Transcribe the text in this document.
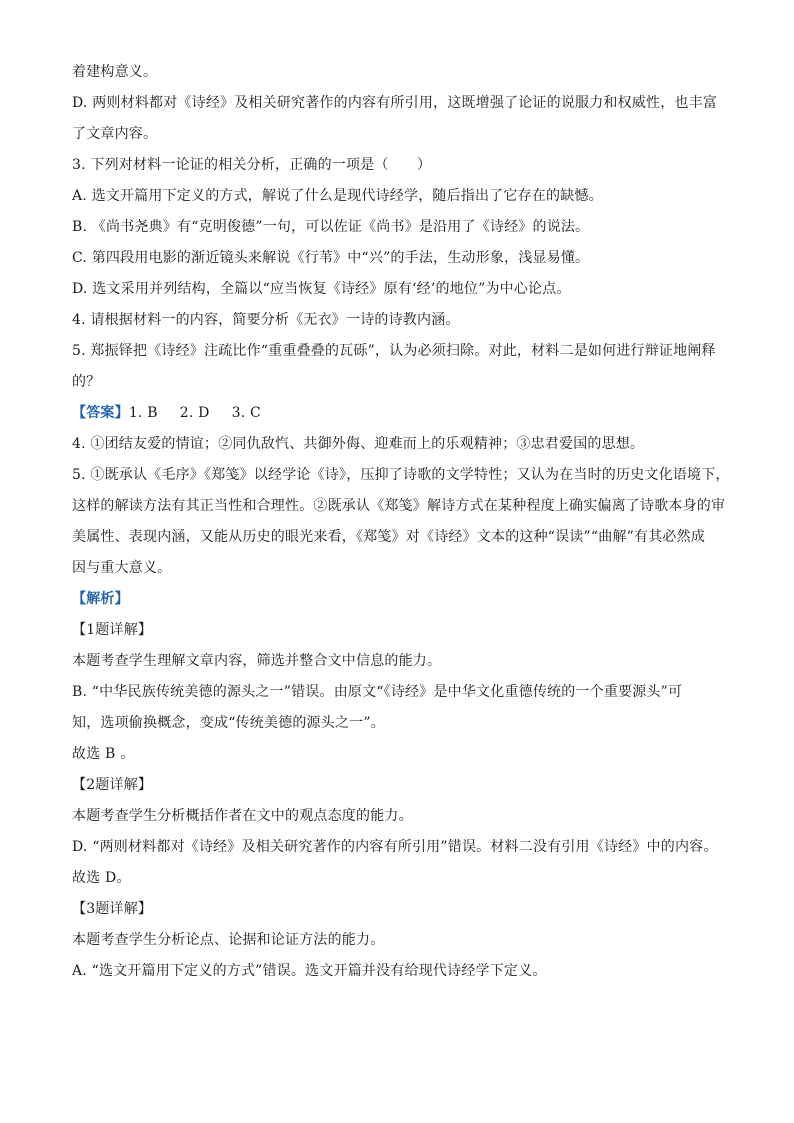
着建构意义。

D. 两则材料都对《诗经》及相关研究著作的内容有所引用，这既增强了论证的说服力和权威性，也丰富

了文章内容。

3. 下列对材料一论证的相关分析，正确的一项是（　　）

A. 选文开篇用下定义的方式，解说了什么是现代诗经学，随后指出了它存在的缺憾。

B. 《尚书尧典》有“克明俊德”一句，可以佐证《尚书》是沿用了《诗经》的说法。

C. 第四段用电影的渐近镜头来解说《行苇》中“兴”的手法，生动形象，浅显易懂。

D. 选文采用并列结构，全篇以“应当恢复《诗经》原有‘经’的地位”为中心论点。

4. 请根据材料一的内容，简要分析《无衣》一诗的诗教内涵。

5. 郑振铎把《诗经》注疏比作“重重叠叠的瓦砾”，认为必须扫除。对此，材料二是如何进行辩证地阐释

的？

【答案】1. B 2. D 3. C

4. ①团结友爱的情谊；②同仇敌忾、共御外侮、迎难而上的乐观精神；③忠君爱国的思想。

5. ①既承认《毛序》《郑笺》以经学论《诗》，压抑了诗歌的文学特性；又认为在当时的历史文化语境下，

这样的解读方法有其正当性和合理性。②既承认《郑笺》解诗方式在某种程度上确实偏离了诗歌本身的审

美属性、表现内涵，又能从历史的眼光来看，《郑笺》对《诗经》文本的这种“误读”“曲解”有其必然成

因与重大意义。

【解析】

【1题详解】

本题考查学生理解文章内容，筛选并整合文中信息的能力。

B. “中华民族传统美德的源头之一”错误。由原文“《诗经》是中华文化重德传统的一个重要源头”可

知，选项偷换概念，变成“传统美德的源头之一”。

故选 B 。

【2题详解】

本题考查学生分析概括作者在文中的观点态度的能力。

D. “两则材料都对《诗经》及相关研究著作的内容有所引用”错误。材料二没有引用《诗经》中的内容。

故选 D。

【3题详解】

本题考查学生分析论点、论据和论证方法的能力。

A. “选文开篇用下定义的方式”错误。选文开篇并没有给现代诗经学下定义。
